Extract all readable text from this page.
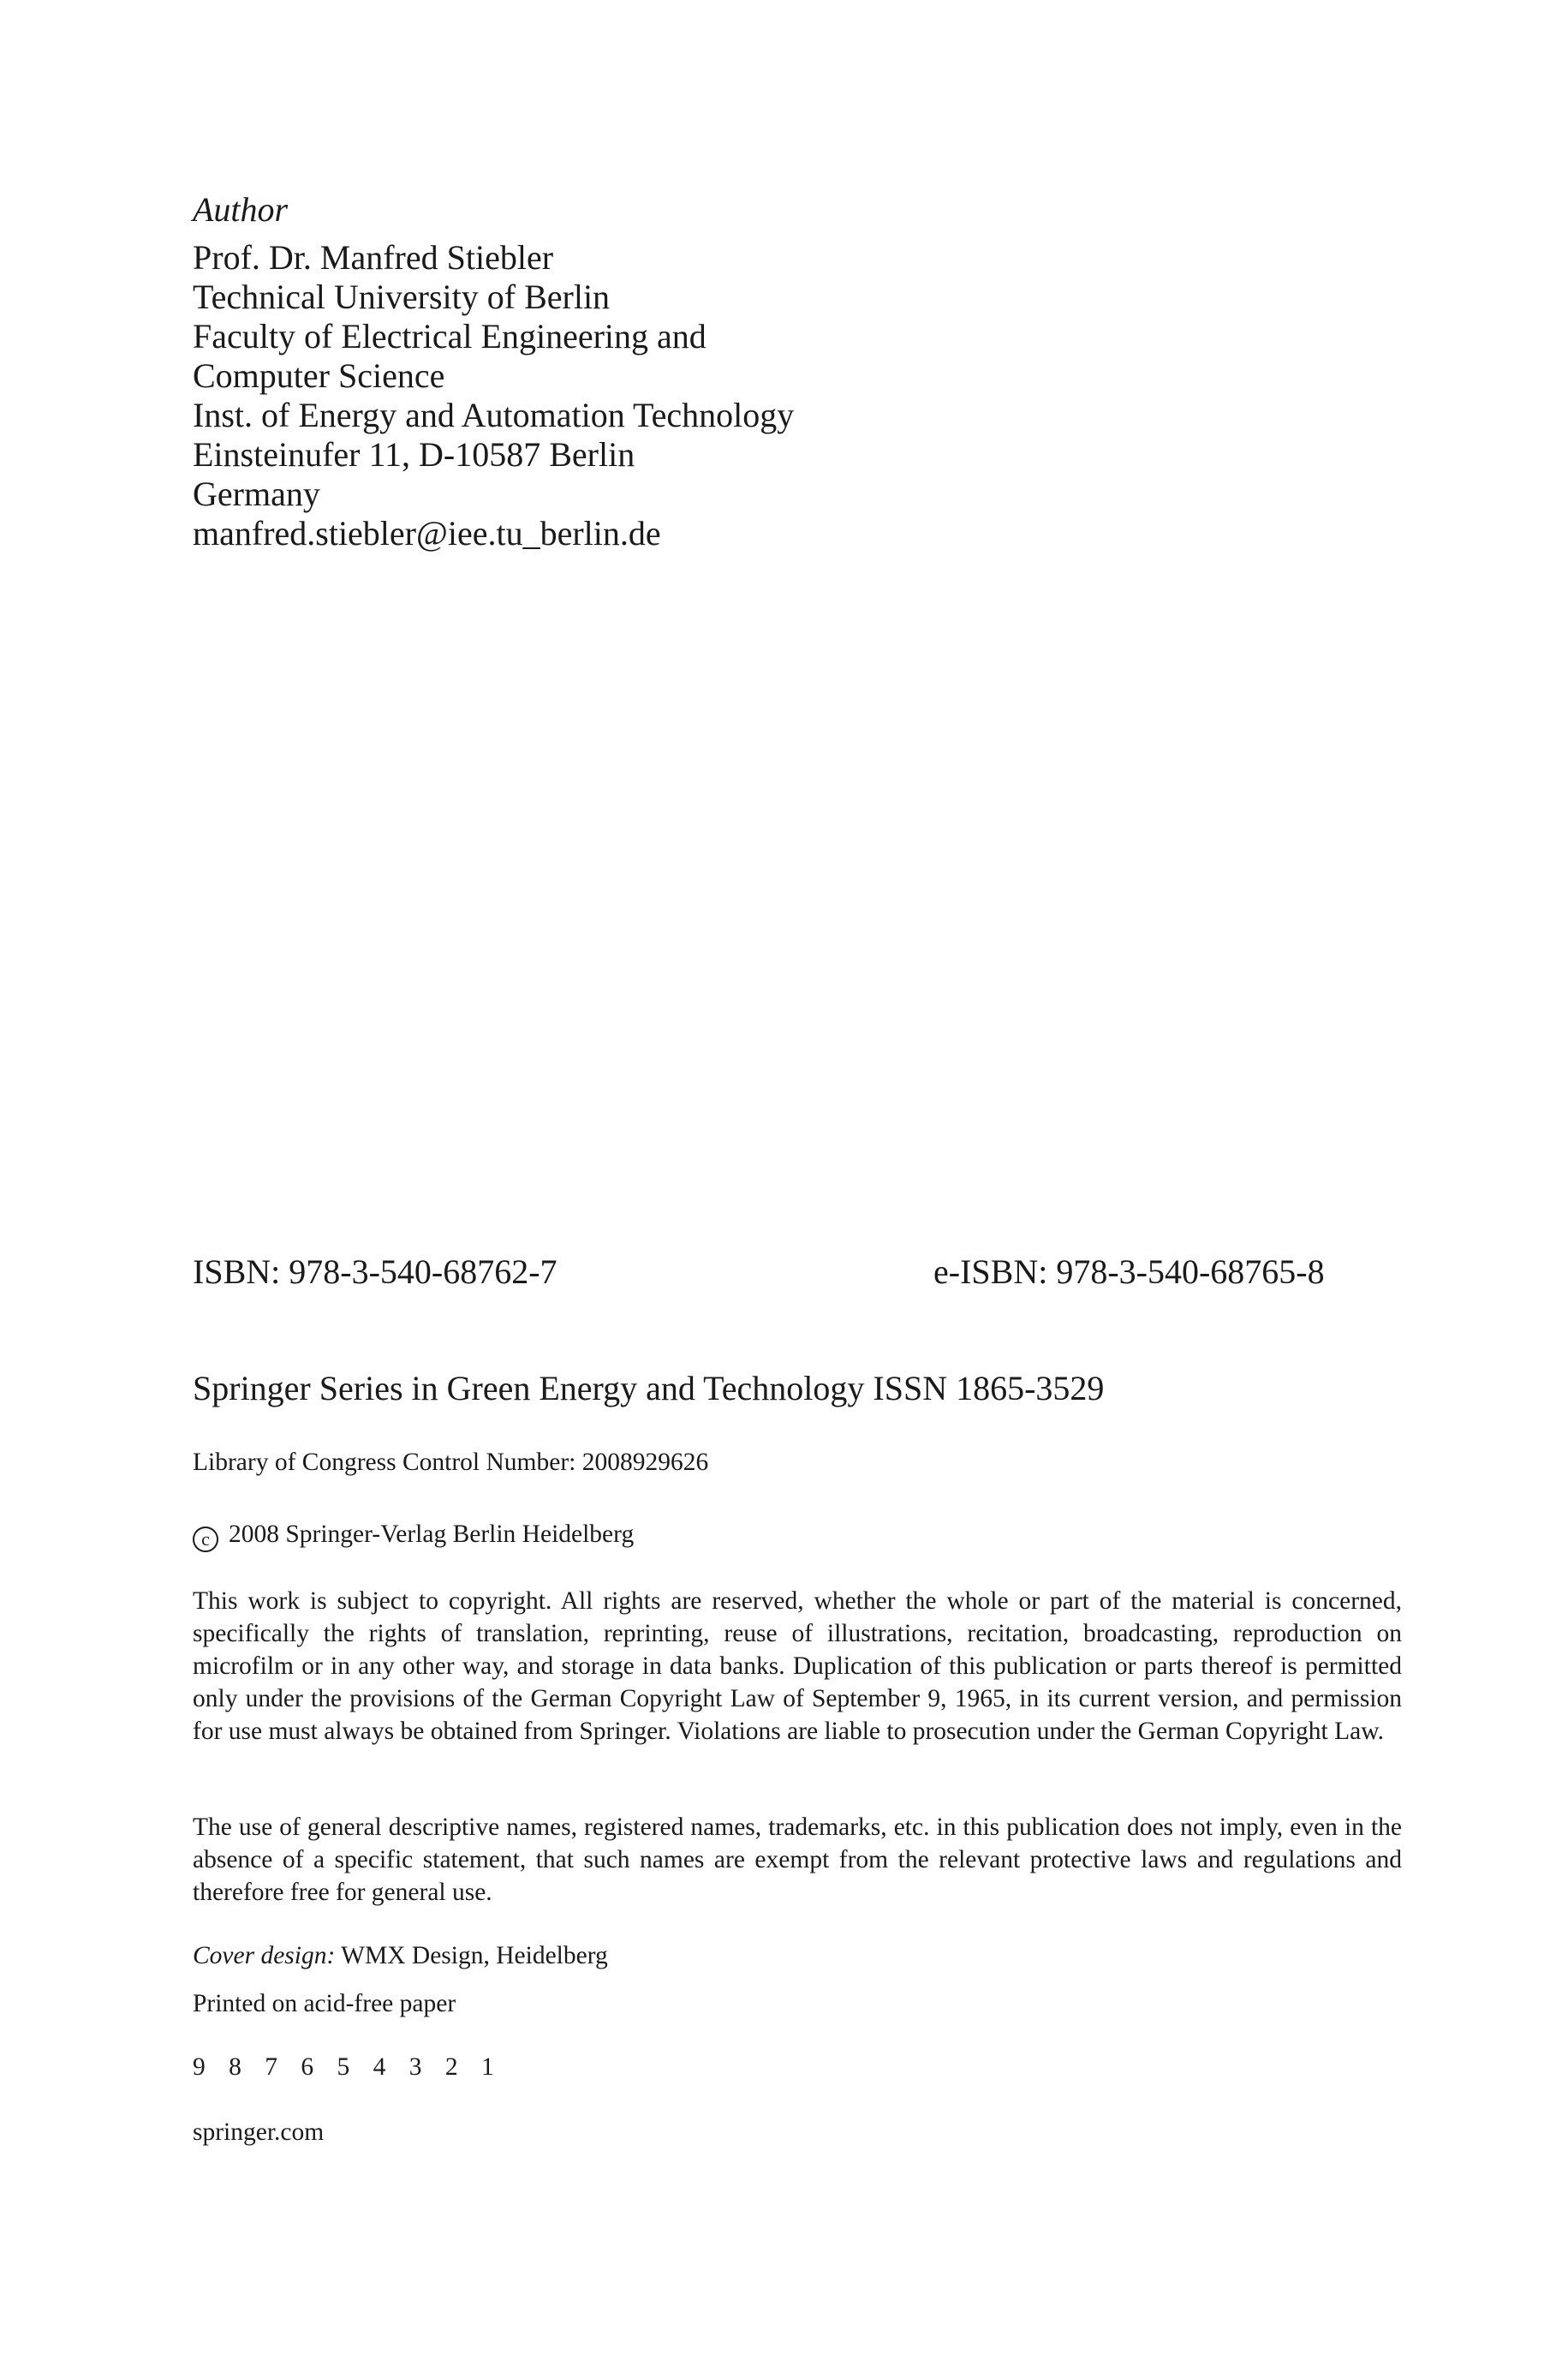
Author

Prof. Dr. Manfred Stiebler

Technical University of Berlin

Faculty of Electrical Engineering and

Computer Science

Inst. of Energy and Automation Technology

Einsteinufer 11, D-10587 Berlin

Germany

manfred.stiebler@iee.tu_berlin.de

ISBN: 978-3-540-68762-7	e-ISBN: 978-3-540-68765-8
Springer Series in Green Energy and Technology ISSN 1865-3529
Library of Congress Control Number: 2008929626
c 2008 Springer-Verlag Berlin Heidelberg

This work is subject to copyright. All rights are reserved, whether the whole or part of the material is concerned, specifically the rights of translation, reprinting, reuse of illustrations, recitation, broadcasting, reproduction on microfilm or in any other way, and storage in data banks. Duplication of this publication or parts thereof is permitted only under the provisions of the German Copyright Law of September 9, 1965, in its current version, and permission for use must always be obtained from Springer. Violations are liable to prosecution under the German Copyright Law.

The use of general descriptive names, registered names, trademarks, etc. in this publication does not imply, even in the absence of a specific statement, that such names are exempt from the relevant protective laws and regulations and therefore free for general use.

Cover design: WMX Design, Heidelberg
Printed on acid-free paper
9 8 7 6 5 4 3 2 1
springer.com
